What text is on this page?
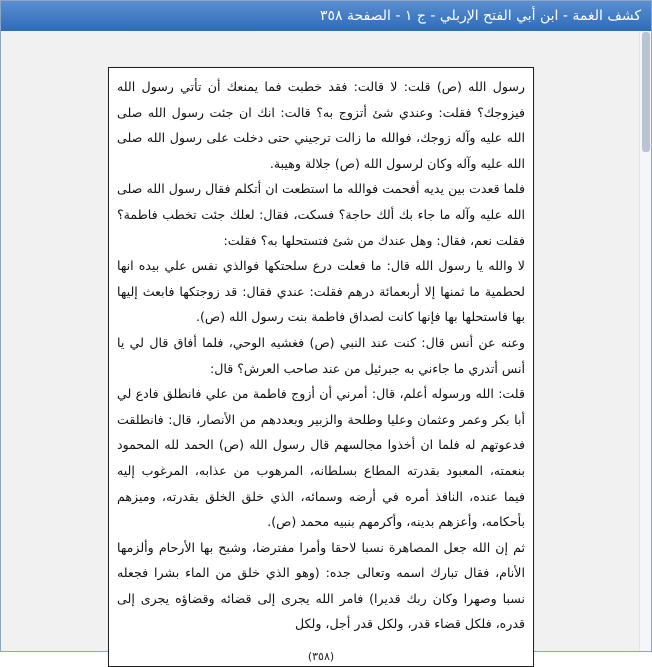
كشف الغمة - ابن أبي الفتح الإربلي - ج ١ - الصفحة ٣٥٨

رسول الله (ص) قلت: لا قالت: فقد خطبت فما يمنعك أن تأتي رسول الله فيزوجك؟ فقلت: وعندي شئ أتزوج به؟ قالت: انك ان جئت رسول الله صلى الله عليه وآله زوجك، فوالله ما زالت ترجيني حتى دخلت على رسول الله صلى الله عليه وآله وكان لرسول الله (ص) جلالة وهيبة.

فلما قعدت بين يديه أفحمت فوالله ما استطعت ان أتكلم فقال رسول الله صلى الله عليه وآله ما جاء بك ألك حاجة؟ فسكت، فقال: لعلك جئت تخطب فاطمة؟ فقلت نعم، فقال: وهل عندك من شئ فتستحلها به؟ فقلت:

لا والله يا رسول الله قال: ما فعلت درع سلحتكها فوالذي نفس علي بيده انها لحطمية ما ثمنها إلا أربعمائة درهم فقلت: عندي فقال: قد زوجتكها فابعث إليها بها فاستحلها بها فإنها كانت لصداق فاطمة بنت رسول الله (ص).

وعنه عن أنس قال: كنت عند النبي (ص) فغشيه الوحي، فلما أفاق قال لي يا أنس أتدري ما جاءني به جبرئيل من عند صاحب العرش؟ قال:

قلت: الله ورسوله أعلم، قال: أمرني أن أزوج فاطمة من علي فانطلق فادع لي أبا بكر وعمر وعثمان وعليا وطلحة والزبير وبعددهم من الأنصار، قال: فانطلقت فدعوتهم له فلما ان أخذوا مجالسهم قال رسول الله (ص) الحمد لله المحمود بنعمته، المعبود بقدرته المطاع بسلطانه، المرهوب من عذابه، المرغوب إليه فيما عنده، النافذ أمره في أرضه وسمائه، الذي خلق الخلق بقدرته، وميزهم بأحكامه، وأعزهم بدينه، وأكرمهم بنبيه محمد (ص).

ثم إن الله جعل المصاهرة نسبا لاحقا وأمرا مفترضا، وشبح بها الأرحام وألزمها الأنام، فقال تبارك اسمه وتعالى جده: (وهو الذي خلق من الماء بشرا فجعله نسبا وصهرا وكان ربك قديرا) فامر الله يجرى إلى قضائه وقضاؤه يجرى إلى قدره، فلكل قضاء قدر، ولكل قدر أجل، ولكل

(٣٥٨)
